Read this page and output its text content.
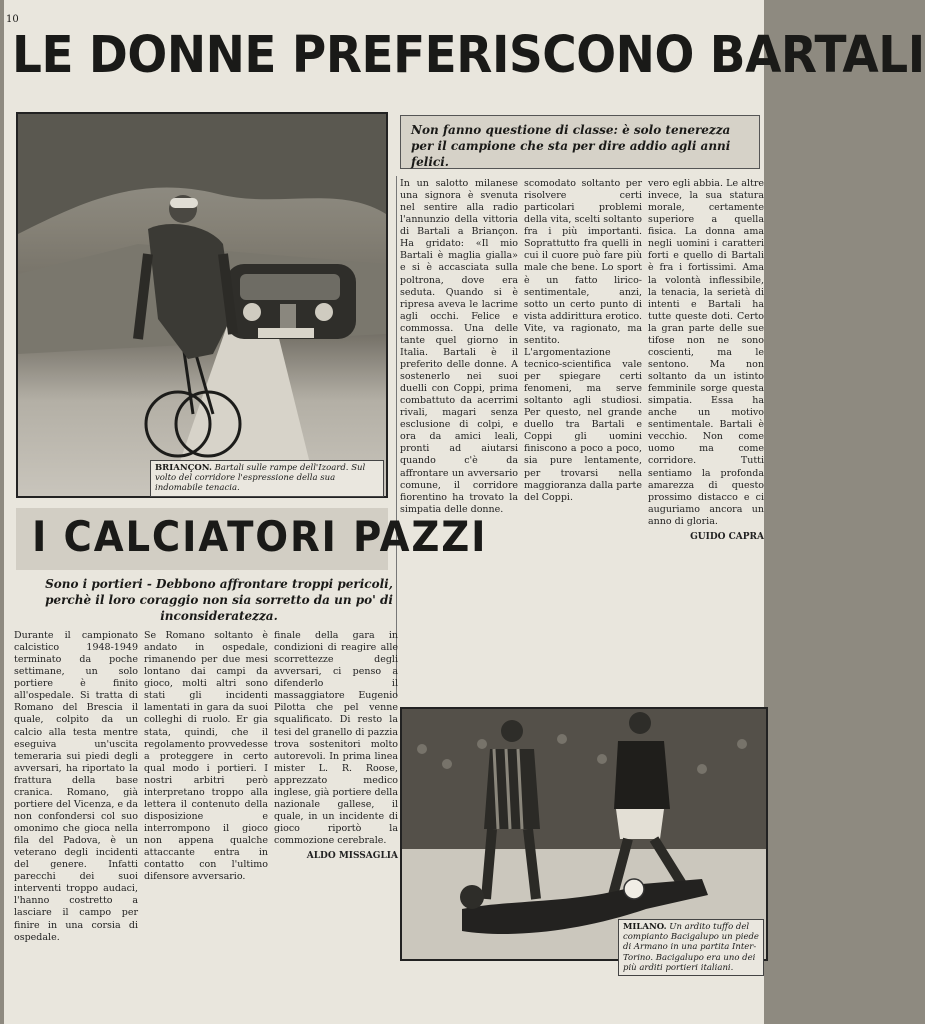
10
LE DONNE PREFERISCONO BARTALI
BRIANÇON. Bartali sulle rampe dell'Izoard. Sul volto del corridore l'espressione della sua indomabile tenacia.
Non fanno questione di classe: è solo tenerezza per il campione che sta per dire addio agli anni felici.
In un salotto milanese una signora è svenuta nel sentire alla radio l'annunzio della vittoria di Bartali a Briançon. Ha gridato: «Il mio Bartali è maglia gialla» e si è accasciata sulla poltrona, dove era seduta. Quando si è ripresa aveva le lacrime agli occhi. Felice e commossa. Una delle tante quel giorno in Italia. Bartali è il preferito delle donne. A sostenerlo nei suoi duelli con Coppi, prima combattuto da acerrimi rivali, magari senza esclusione di colpi, e ora da amici leali, pronti ad aiutarsi quando c'è da affrontare un avversario comune, il corridore fiorentino ha trovato la simpatia delle donne.
scomodato soltanto per risolvere certi particolari problemi della vita, scelti soltanto fra i più importanti. Soprattutto fra quelli in cui il cuore può fare più male che bene. Lo sport è un fatto lirico-sentimentale, anzi, sotto un certo punto di vista addirittura erotico. Vite, va ragionato, ma sentito. L'argomentazione tecnico-scientifica vale per spiegare certi fenomeni, ma serve soltanto agli studiosi. Per questo, nel grande duello tra Bartali e Coppi gli uomini finiscono a poco a poco, sia pure lentamente, per trovarsi nella maggioranza dalla parte del Coppi.
vero egli abbia. Le altre invece, la sua statura morale, certamente superiore a quella fisica. La donna ama negli uomini i caratteri forti e quello di Bartali è fra i fortissimi. Ama la volontà inflessibile, la tenacia, la serietà di intenti e Bartali ha tutte queste doti. Certo la gran parte delle sue tifose non ne sono coscienti, ma le sentono. Ma non soltanto da un istinto femminile sorge questa simpatia. Essa ha anche un motivo sentimentale. Bartali è vecchio. Non come uomo ma come corridore. Tutti sentiamo la profonda amarezza di questo prossimo distacco e ci auguriamo ancora un anno di gloria.
GUIDO CAPRA
I CALCIATORI PAZZI
Sono i portieri - Debbono affrontare troppi pericoli, perchè il loro coraggio non sia sorretto da un po' di inconsideratezza.
Durante il campionato calcistico 1948-1949 terminato da poche settimane, un solo portiere è finito all'ospedale. Si tratta di Romano del Brescia il quale, colpito da un calcio alla testa mentre eseguiva un'uscita temeraria sui piedi degli avversari, ha riportato la frattura della base cranica. Romano, già portiere del Vicenza, e da non confondersi col suo omonimo che gioca nella fila del Padova, è un veterano degli incidenti del genere. Infatti parecchi dei suoi interventi troppo audaci, l'hanno costretto a lasciare il campo per finire in una corsia di ospedale.
Se Romano soltanto è andato in ospedale, rimanendo per due mesi lontano dai campi da gioco, molti altri sono stati gli incidenti lamentati in gara da suoi colleghi di ruolo. Er gia stata, quindi, che il regolamento provvedesse a proteggere in certo qual modo i portieri. I nostri arbitri però interpretano troppo alla lettera il contenuto della disposizione e interrompono il gioco non appena qualche attaccante entra in contatto con l'ultimo difensore avversario.
finale della gara in condizioni di reagire alle scorrettezze degli avversari, ci penso a difenderlo il massaggiatore Eugenio Pilotta che pel venne squalificato. Di resto la tesi del granello di pazzia trova sostenitori molto autorevoli. In prima linea mister L. R. Roose, apprezzato medico inglese, già portiere della nazionale gallese, il quale, in un incidente di gioco riportò la commozione cerebrale.
ALDO MISSAGLIA
MILANO. Un ardito tuffo del compianto Bacigalupo un piede di Armano in una partita Inter-Torino. Bacigalupo era uno dei più arditi portieri italiani.
